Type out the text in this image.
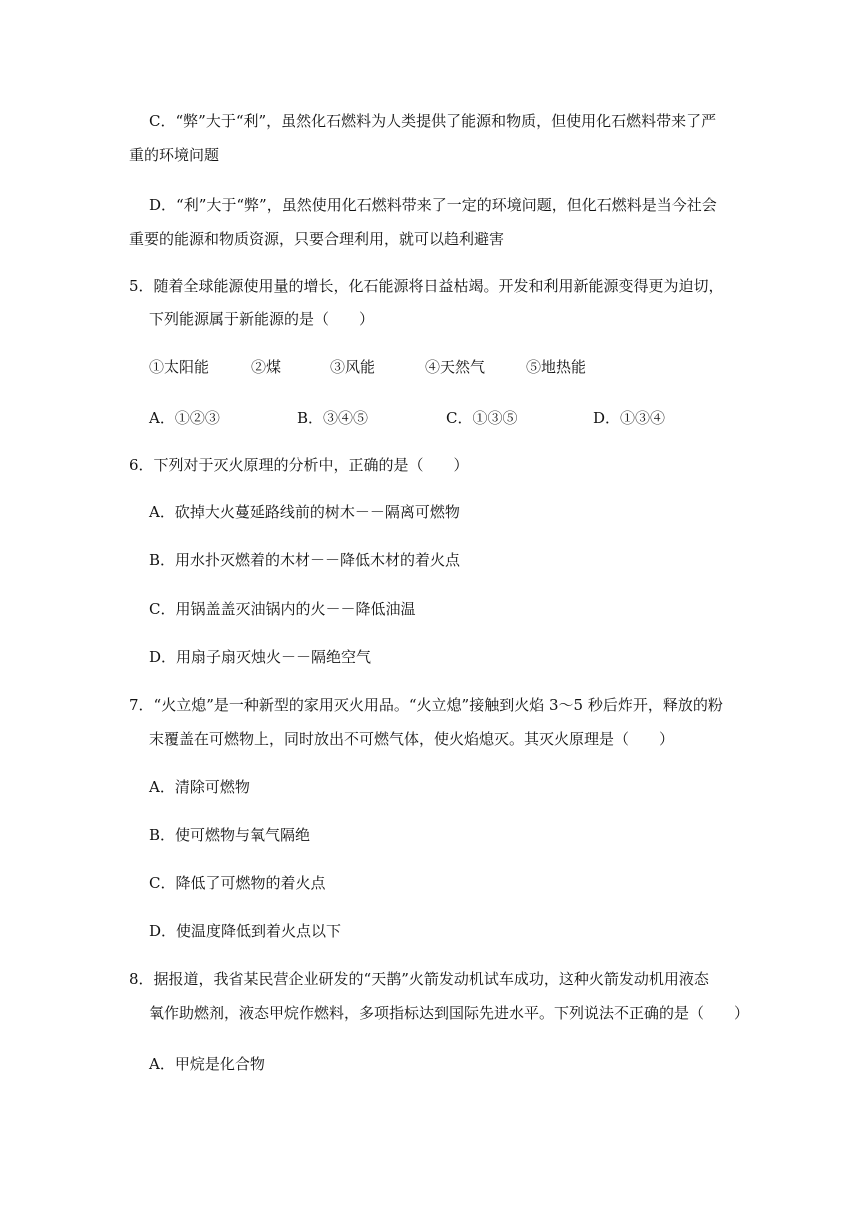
C．“弊”大于“利”，虽然化石燃料为人类提供了能源和物质，但使用化石燃料带来了严
重的环境问题
D．“利”大于“弊”，虽然使用化石燃料带来了一定的环境问题，但化石燃料是当今社会
重要的能源和物质资源，只要合理利用，就可以趋利避害
5．随着全球能源使用量的增长，化石能源将日益枯竭。开发和利用新能源变得更为迫切，
下列能源属于新能源的是（　　）
①太阳能	②煤	③风能	④天然气	⑤地热能
A．①②③	B．③④⑤	C．①③⑤	D．①③④
6．下列对于灭火原理的分析中，正确的是（　　）
A．砍掉大火蔓延路线前的树木－－隔离可燃物
B．用水扑灭燃着的木材－－降低木材的着火点
C．用锅盖盖灭油锅内的火－－降低油温
D．用扇子扇灭烛火－－隔绝空气
7．“火立熄”是一种新型的家用灭火用品。“火立熄”接触到火焰 3～5 秒后炸开，释放的粉
末覆盖在可燃物上，同时放出不可燃气体，使火焰熄灭。其灭火原理是（　　）
A．清除可燃物
B．使可燃物与氧气隔绝
C．降低了可燃物的着火点
D．使温度降低到着火点以下
8．据报道，我省某民营企业研发的“天鹊”火箭发动机试车成功，这种火箭发动机用液态
氧作助燃剂，液态甲烷作燃料，多项指标达到国际先进水平。下列说法不正确的是（　　）
A．甲烷是化合物
